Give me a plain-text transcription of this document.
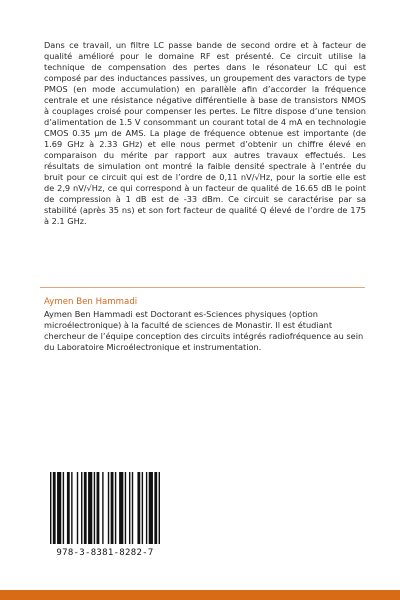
Dans ce travail, un filtre LC passe bande de second ordre et à facteur de qualité amélioré pour le domaine RF est présenté. Ce circuit utilise la technique de compensation des pertes dans le résonateur LC qui est composé par des inductances passives, un groupement des varactors de type PMOS (en mode accumulation) en parallèle afin d’accorder la fréquence centrale et une résistance négative différentielle à base de transistors NMOS à couplages croisé pour compenser les pertes. Le filtre dispose d’une tension d’alimentation de 1.5 V consommant un courant total de 4 mA en technologie CMOS 0.35 µm de AMS. La plage de fréquence obtenue est importante (de 1.69 GHz à 2.33 GHz) et elle nous permet d’obtenir un chiffre élevé en comparaison du mérite par rapport aux autres travaux effectués. Les résultats de simulation ont montré la faible densité spectrale à l’entrée du bruit pour ce circuit qui est de l’ordre de 0,11 nV/√Hz, pour la sortie elle est de 2,9 nV/√Hz, ce qui correspond à un facteur de qualité de 16.65 dB le point de compression à 1 dB est de -33 dBm. Ce circuit se caractérise par sa stabilité (après 35 ns) et son fort facteur de qualité Q élevé de l’ordre de 175 à 2.1 GHz.

Aymen Ben Hammadi

Aymen Ben Hammadi est Doctorant es-Sciences physiques (option microélectronique) à la faculté de sciences de Monastir. Il est étudiant chercheur de l’équipe conception des circuits intégrés radiofréquence au sein du Laboratoire Microélectronique et instrumentation.

978-3-8381-8282-7
